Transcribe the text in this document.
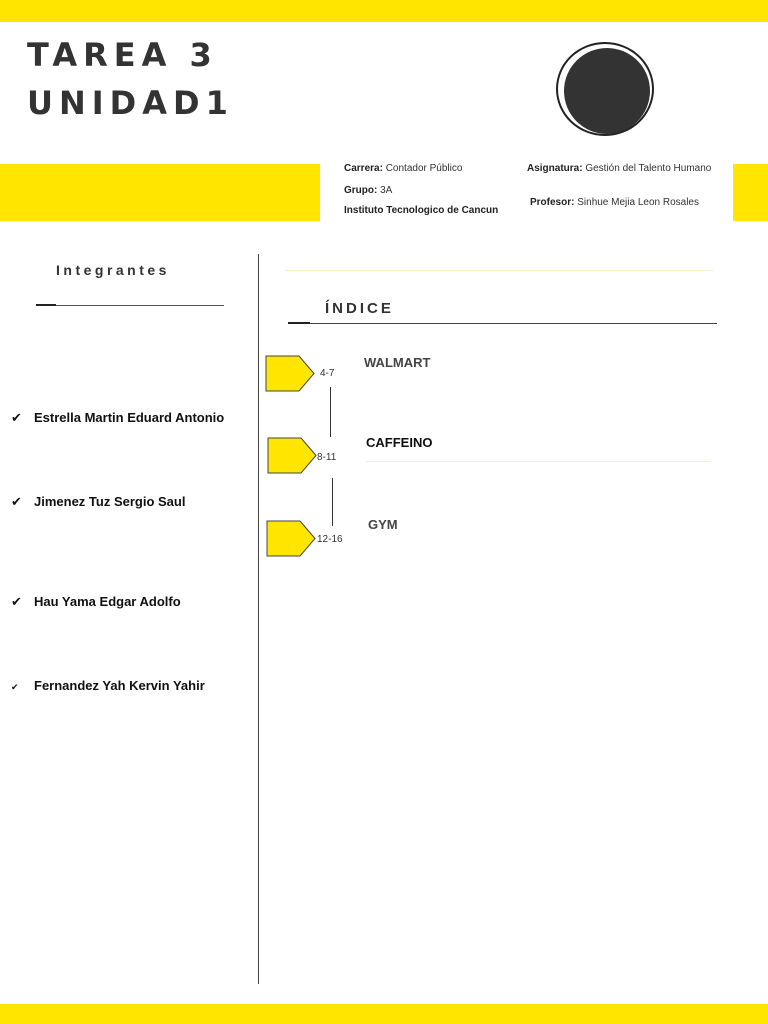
TAREA 3
UNIDAD1
Carrera: Contador Público	Asignatura: Gestión del Talento Humano
Grupo: 3A
Instituto Tecnologico de Cancun
Profesor: Sinhue Mejia Leon Rosales
Integrantes
✔ Estrella Martin Eduard Antonio
✔ Jimenez Tuz Sergio Saul
✔ Hau Yama Edgar Adolfo
✔ Fernandez Yah Kervin Yahir
ÍNDICE
4-7
8-11
12-16
WALMART
CAFFEINO
GYM
